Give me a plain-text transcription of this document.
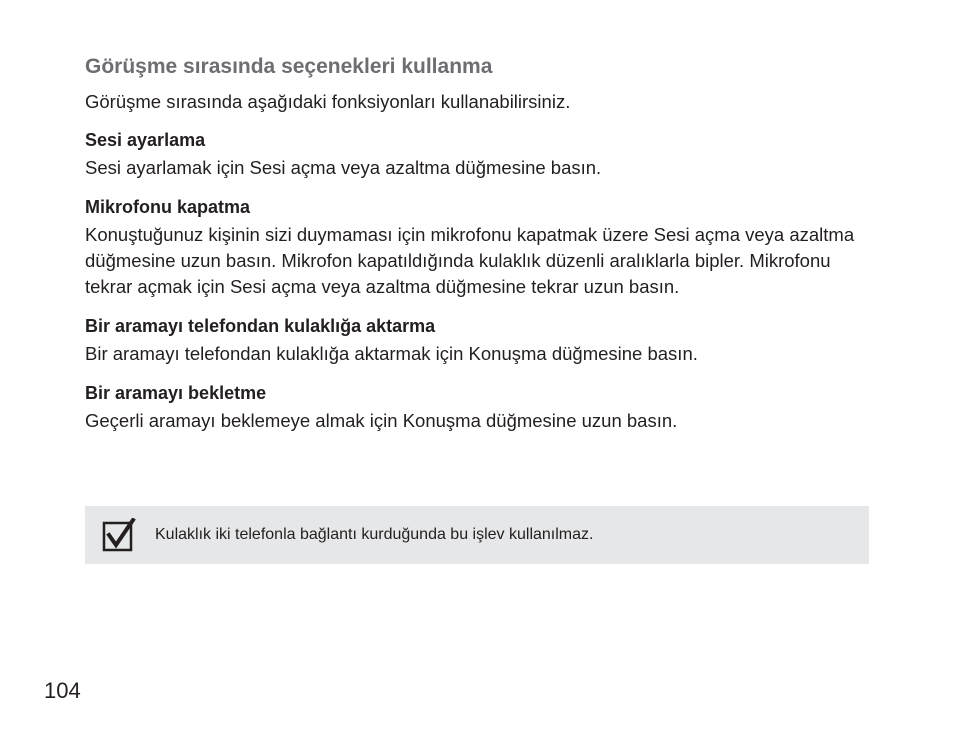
Görüşme sırasında seçenekleri kullanma

Görüşme sırasında aşağıdaki fonksiyonları kullanabilirsiniz.

Sesi ayarlama

Sesi ayarlamak için Sesi açma veya azaltma düğmesine basın.

Mikrofonu kapatma

Konuştuğunuz kişinin sizi duymaması için mikrofonu kapatmak üzere Sesi açma veya azaltma düğmesine uzun basın. Mikrofon kapatıldığında kulaklık düzenli aralıklarla bipler. Mikrofonu tekrar açmak için Sesi açma veya azaltma düğmesine tekrar uzun basın.

Bir aramayı telefondan kulaklığa aktarma

Bir aramayı telefondan kulaklığa aktarmak için Konuşma düğmesine basın.

Bir aramayı bekletme

Geçerli aramayı beklemeye almak için Konuşma düğmesine uzun basın.

Kulaklık iki telefonla bağlantı kurduğunda bu işlev kullanılmaz.
104
